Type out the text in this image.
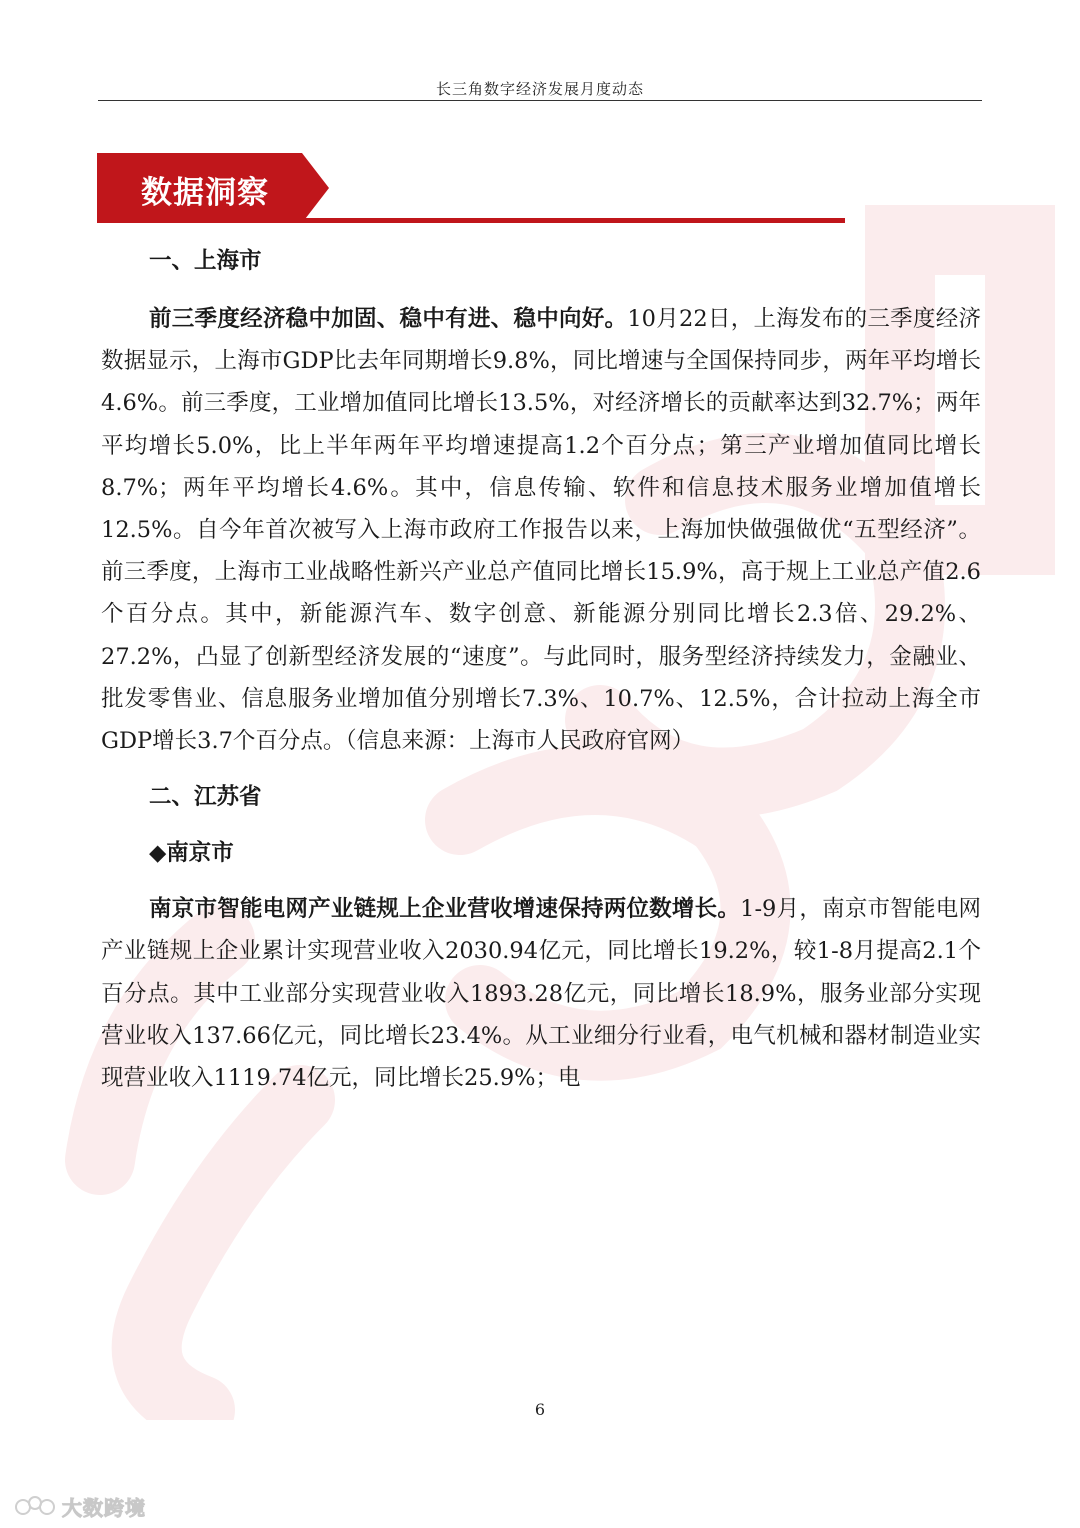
长三角数字经济发展月度动态
数据洞察

一、上海市

前三季度经济稳中加固、稳中有进、稳中向好。10月22日，上海发布的三季度经济数据显示，上海市GDP比去年同期增长9.8%，同比增速与全国保持同步，两年平均增长4.6%。前三季度，工业增加值同比增长13.5%，对经济增长的贡献率达到32.7%；两年平均增长5.0%，比上半年两年平均增速提高1.2个百分点；第三产业增加值同比增长8.7%；两年平均增长4.6%。其中，信息传输、软件和信息技术服务业增加值增长12.5%。自今年首次被写入上海市政府工作报告以来，上海加快做强做优“五型经济”。前三季度，上海市工业战略性新兴产业总产值同比增长15.9%，高于规上工业总产值2.6个百分点。其中，新能源汽车、数字创意、新能源分别同比增长2.3倍、29.2%、27.2%，凸显了创新型经济发展的“速度”。与此同时，服务型经济持续发力，金融业、批发零售业、信息服务业增加值分别增长7.3%、10.7%、12.5%，合计拉动上海全市GDP增长3.7个百分点。（信息来源：上海市人民政府官网）

二、江苏省

◆南京市

南京市智能电网产业链规上企业营收增速保持两位数增长。1-9月，南京市智能电网产业链规上企业累计实现营业收入2030.94亿元，同比增长19.2%，较1-8月提高2.1个百分点。其中工业部分实现营业收入1893.28亿元，同比增长18.9%，服务业部分实现营业收入137.66亿元，同比增长23.4%。从工业细分行业看，电气机械和器材制造业实现营业收入1119.74亿元，同比增长25.9%；电

6
大数跨境
